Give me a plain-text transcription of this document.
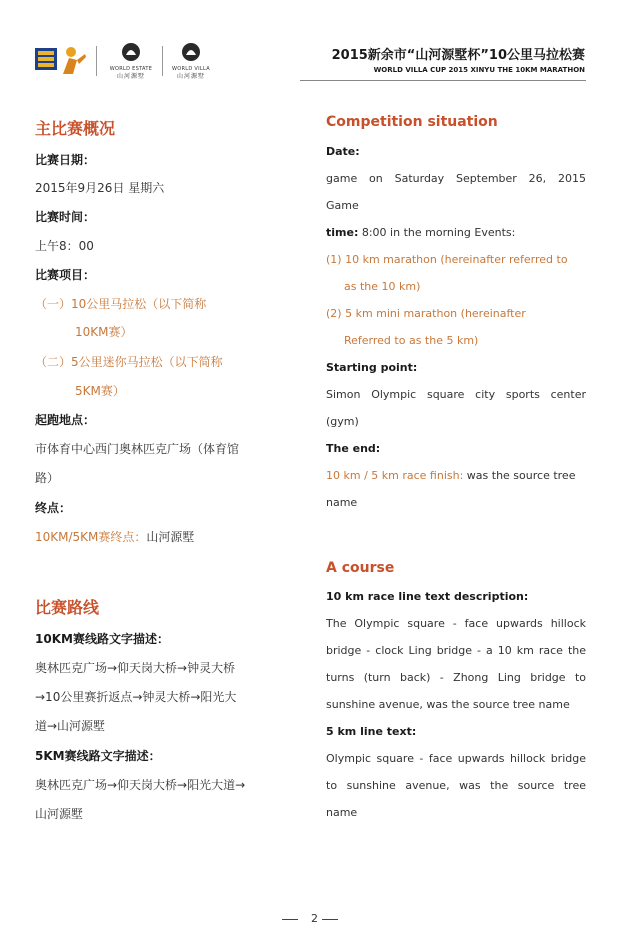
WORLD ESTATE
山河源墅
WORLD VILLA
山河源墅
2015新余市“山河源墅杯”10公里马拉松赛
WORLD VILLA CUP 2015 XINYU THE 10KM MARATHON
主比赛概况
比赛日期：
2015年9月26日 星期六
比赛时间：
上午8：00
比赛项目：
（一）10公里马拉松（以下简称
10KM赛）
（二）5公里迷你马拉松（以下简称
5KM赛）
起跑地点：
市体育中心西门奥林匹克广场（体育馆
路）
终点：
10KM/5KM赛终点：山河源墅
比赛路线
10KM赛线路文字描述：
奥林匹克广场→仰天岗大桥→钟灵大桥
→10公里赛折返点→钟灵大桥→阳光大
道→山河源墅
5KM赛线路文字描述：
奥林匹克广场→仰天岗大桥→阳光大道→
山河源墅
Competition situation
Date:
game on Saturday September 26, 2015
Game
time: 8:00 in the morning Events:
(1) 10 km marathon (hereinafter referred to
as the 10 km)
(2) 5 km mini marathon (hereinafter
Referred to as the 5 km)
Starting point:
Simon Olympic square city sports center
(gym)
The end:
10 km / 5 km race finish: was the source tree
name
A course
10 km race line text description:
The Olympic square - face upwards hillock
bridge - clock Ling bridge - a 10 km race the
turns (turn back) - Zhong Ling bridge to
sunshine avenue, was the source tree name
5 km line text:
Olympic square - face upwards hillock bridge
to sunshine avenue, was the source tree
name
2
